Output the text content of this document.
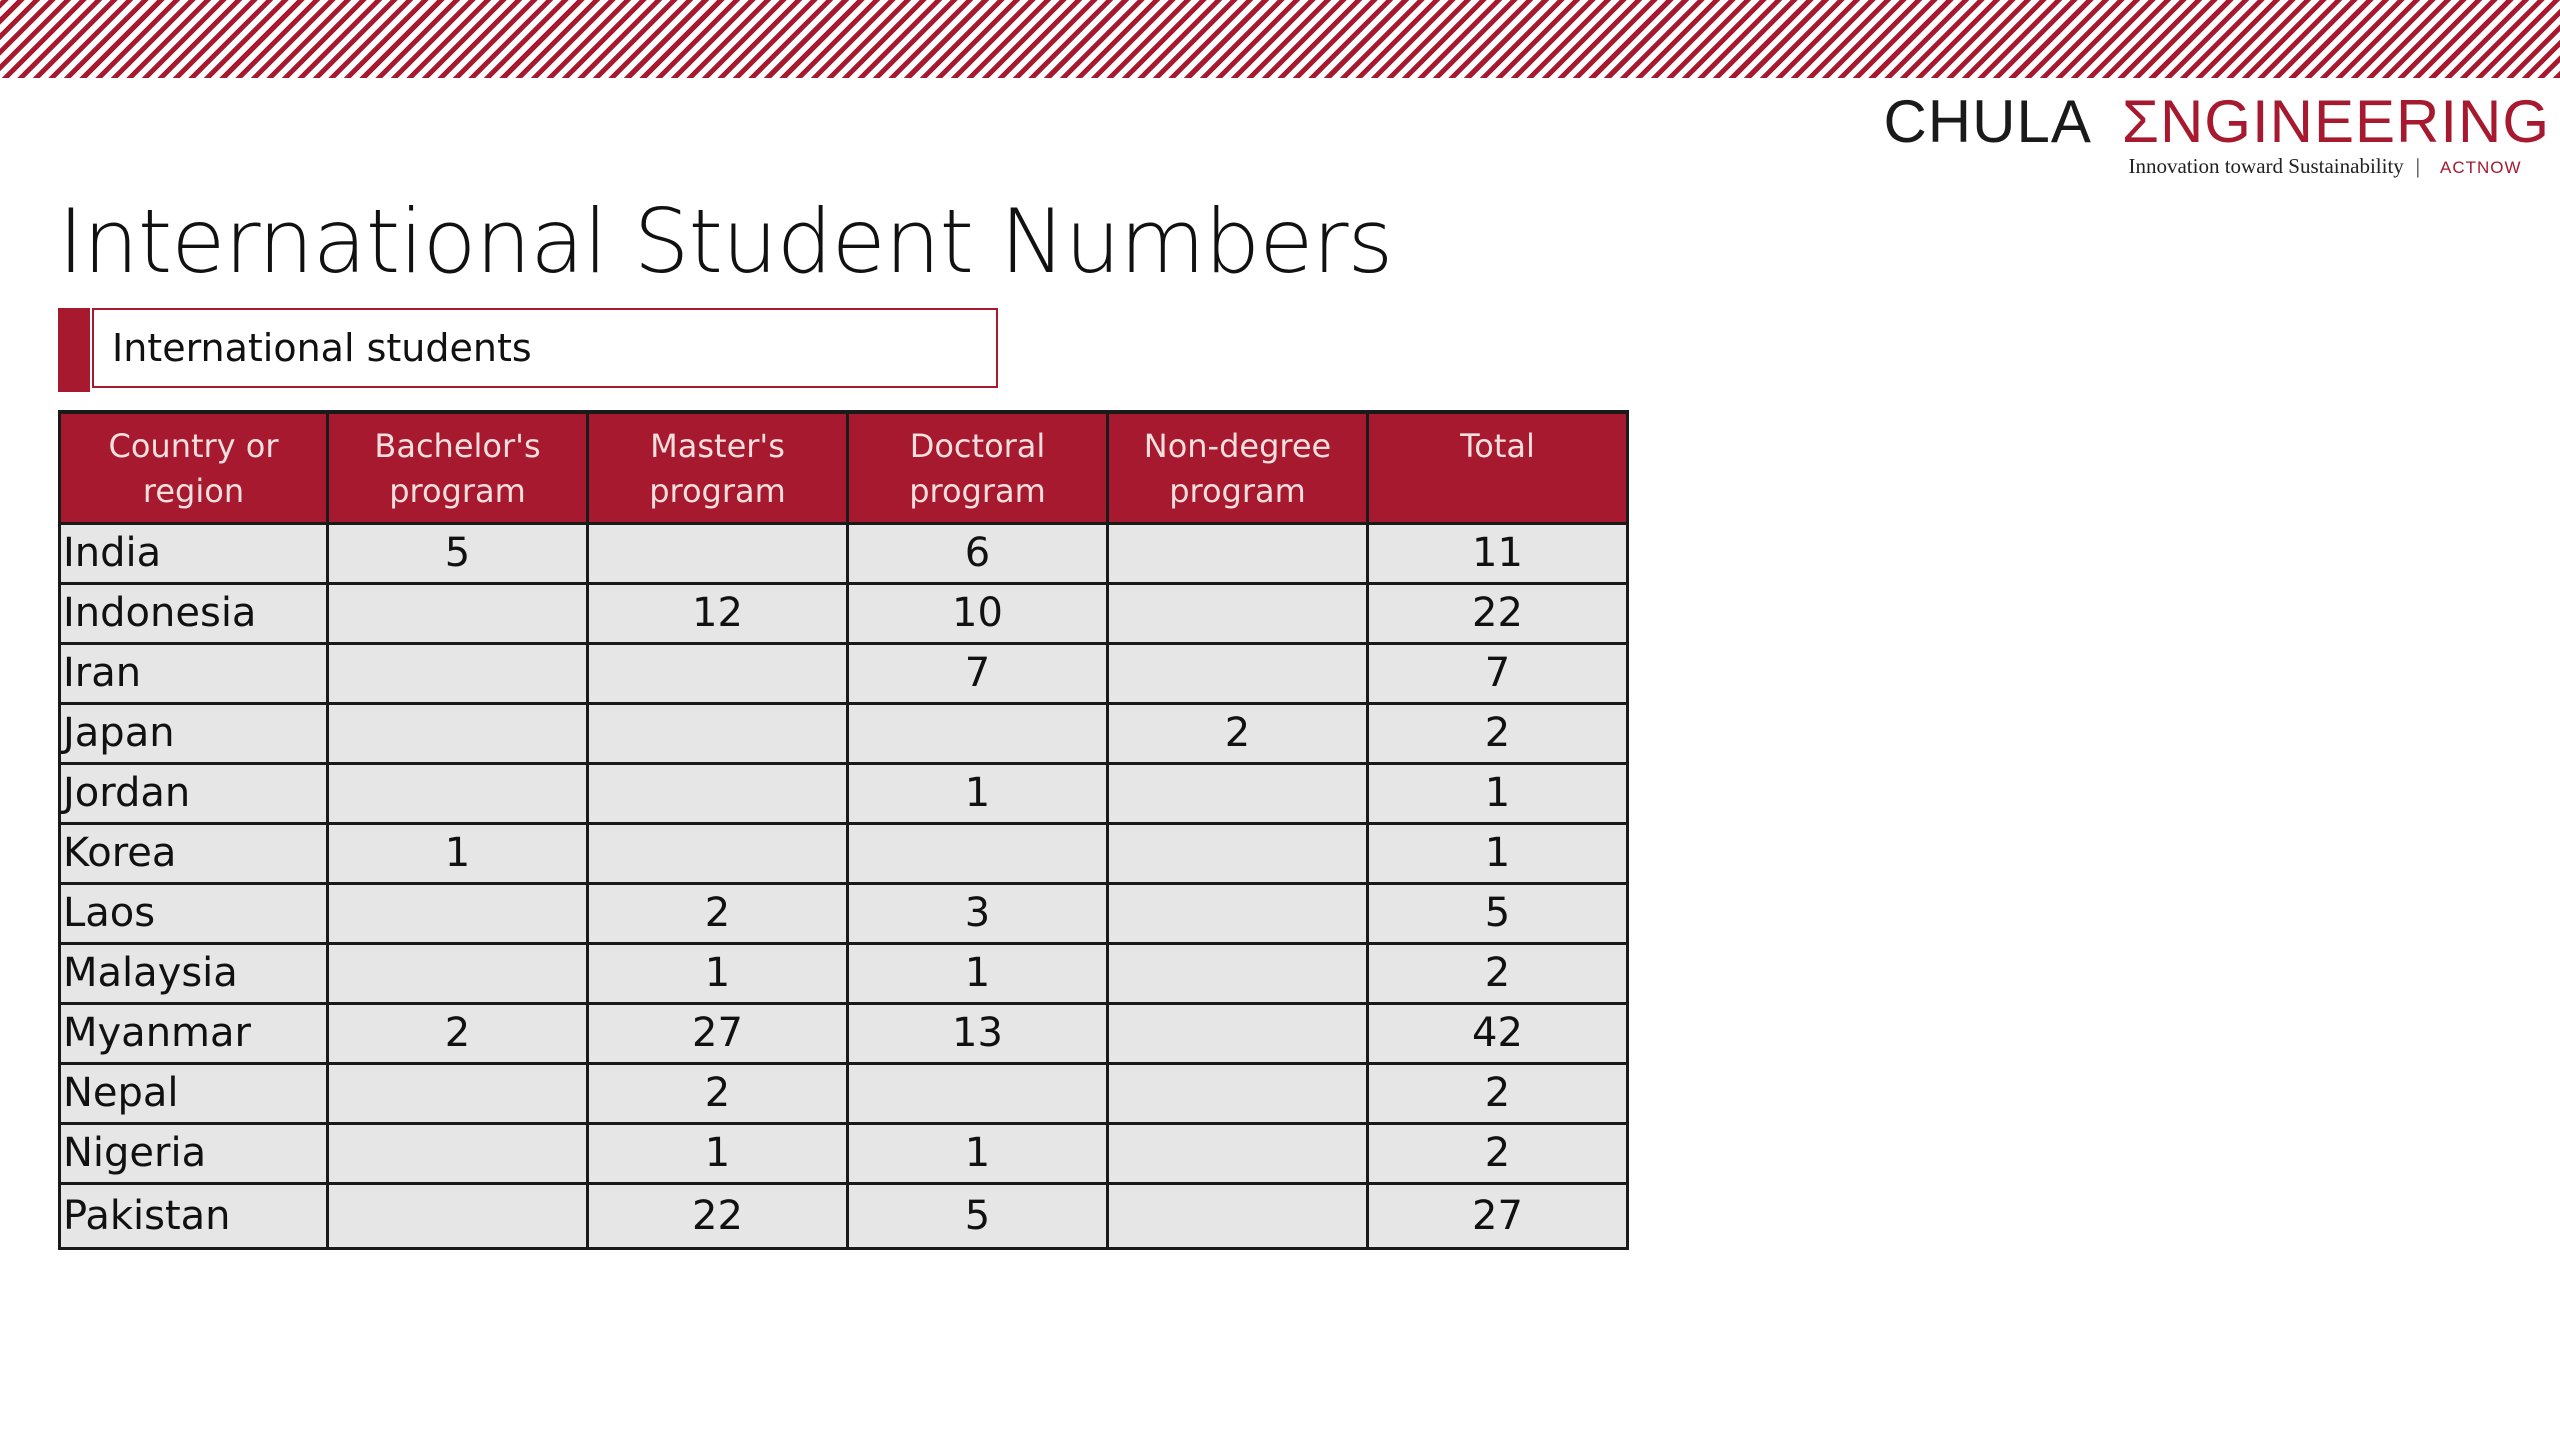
CHULA ΣNGINEERING
Innovation toward Sustainability |	ACTNOW
International Student Numbers
International students
Country or region	Bachelor's program	Master's program	Doctoral program	Non-degree program	Total
India	5		6		11
Indonesia		12	10		22
Iran			7		7
Japan				2	2
Jordan			1		1
Korea	1				1
Laos		2	3		5
Malaysia		1	1		2
Myanmar	2	27	13		42
Nepal		2			2
Nigeria		1	1		2
Pakistan		22	5		27
